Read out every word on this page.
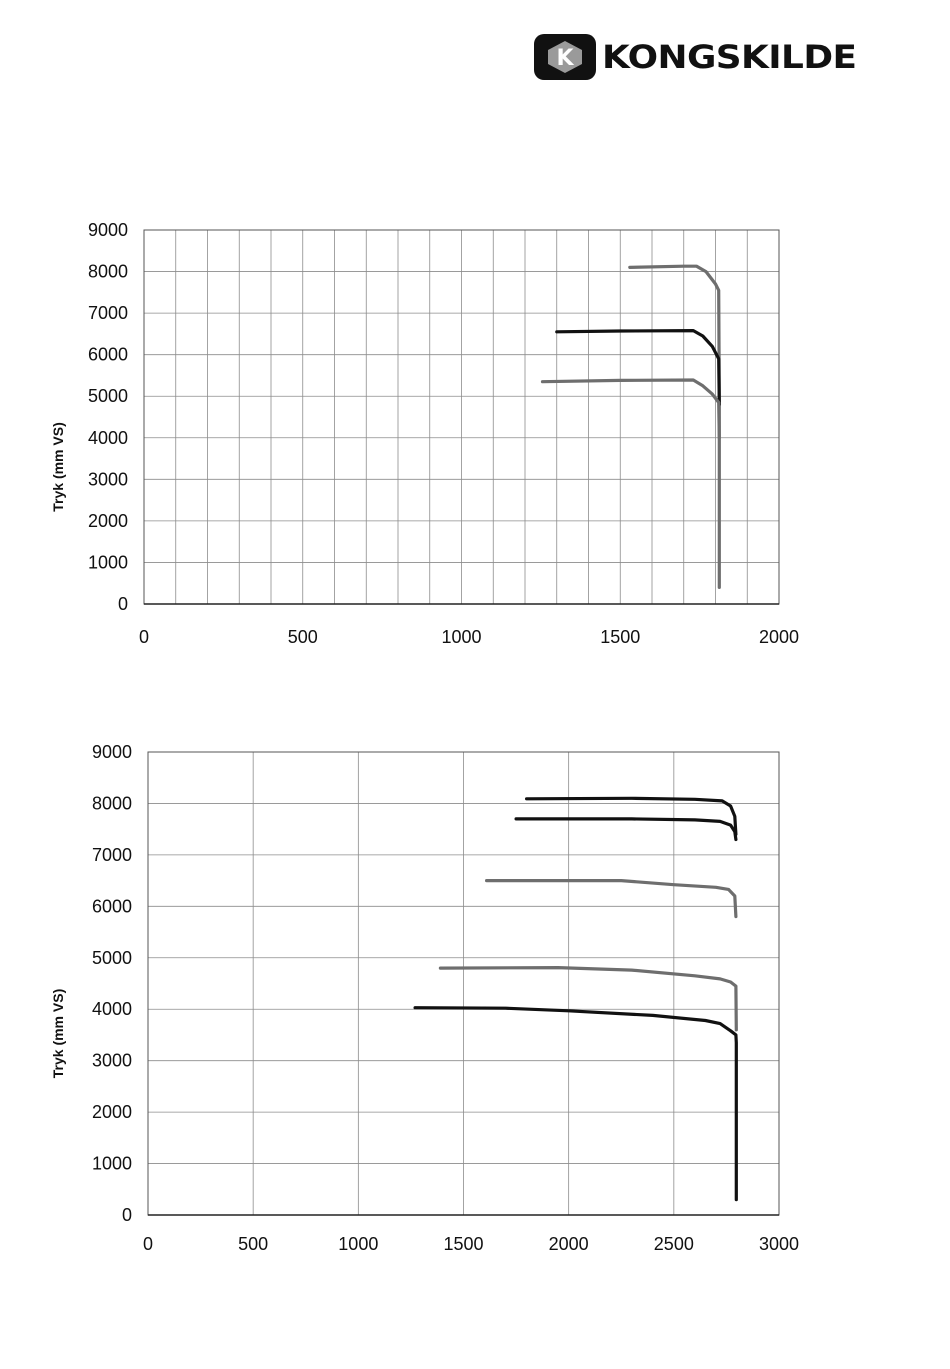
K KONGSKILDE
0
1000
2000
3000
4000
5000
6000
7000
8000
9000
0	500	1000	1500	2000
Tryk (mm VS)
0
1000
2000
3000
4000
5000
6000
7000
8000
9000
0	500	1000	1500	2000	2500	3000
Tryk (mm VS)
